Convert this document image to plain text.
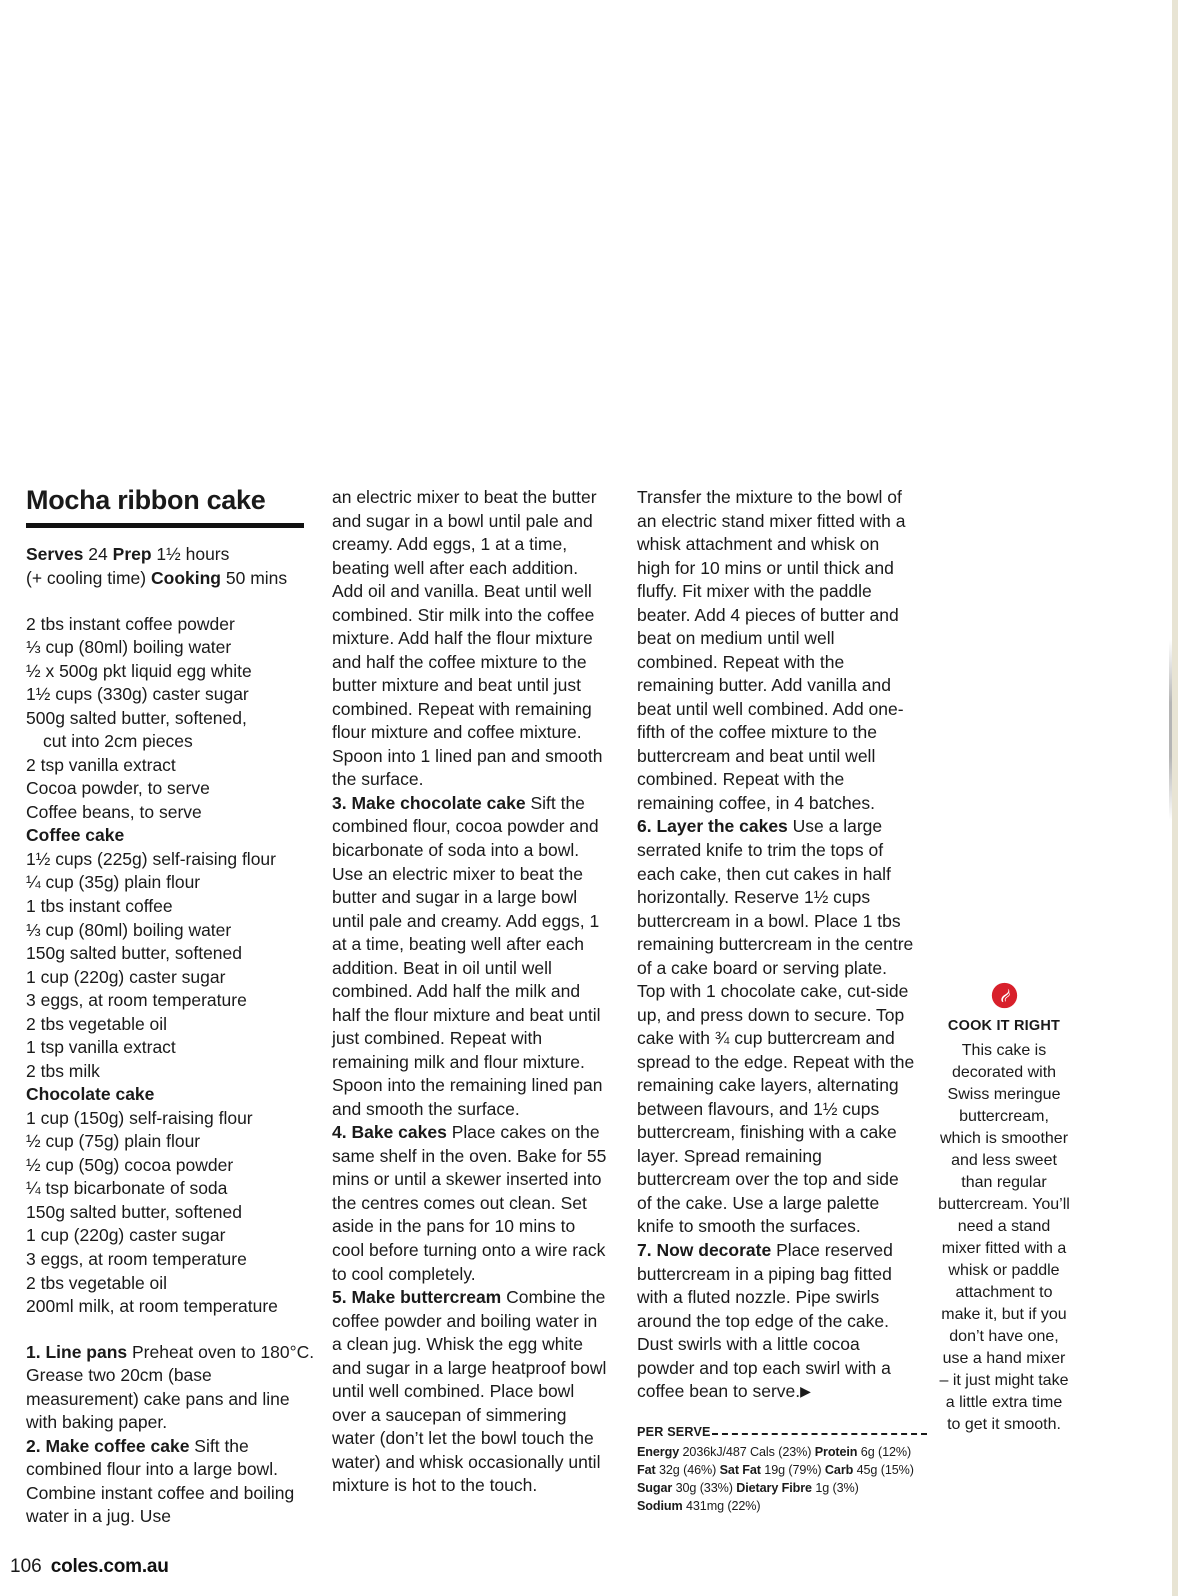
Mocha ribbon cake
Serves 24 Prep 1½ hours
(+ cooling time) Cooking 50 mins
2 tbs instant coffee powder
⅓ cup (80ml) boiling water
½ x 500g pkt liquid egg white
1½ cups (330g) caster sugar
500g salted butter, softened,
cut into 2cm pieces
2 tsp vanilla extract
Cocoa powder, to serve
Coffee beans, to serve
Coffee cake
1½ cups (225g) self-raising flour
¼ cup (35g) plain flour
1 tbs instant coffee
⅓ cup (80ml) boiling water
150g salted butter, softened
1 cup (220g) caster sugar
3 eggs, at room temperature
2 tbs vegetable oil
1 tsp vanilla extract
2 tbs milk
Chocolate cake
1 cup (150g) self-raising flour
½ cup (75g) plain flour
½ cup (50g) cocoa powder
¼ tsp bicarbonate of soda
150g salted butter, softened
1 cup (220g) caster sugar
3 eggs, at room temperature
2 tbs vegetable oil
200ml milk, at room temperature

1. Line pans Preheat oven to 180°C. Grease two 20cm (base measurement) cake pans and line with baking paper.

2. Make coffee cake Sift the combined flour into a large bowl. Combine instant coffee and boiling water in a jug. Use

an electric mixer to beat the butter and sugar in a bowl until pale and creamy. Add eggs, 1 at a time, beating well after each addition. Add oil and vanilla. Beat until well combined. Stir milk into the coffee mixture. Add half the flour mixture and half the coffee mixture to the butter mixture and beat until just combined. Repeat with remaining flour mixture and coffee mixture. Spoon into 1 lined pan and smooth the surface.

3. Make chocolate cake Sift the combined flour, cocoa powder and bicarbonate of soda into a bowl. Use an electric mixer to beat the butter and sugar in a large bowl until pale and creamy. Add eggs, 1 at a time, beating well after each addition. Beat in oil until well combined. Add half the milk and half the flour mixture and beat until just combined. Repeat with remaining milk and flour mixture. Spoon into the remaining lined pan and smooth the surface.

4. Bake cakes Place cakes on the same shelf in the oven. Bake for 55 mins or until a skewer inserted into the centres comes out clean. Set aside in the pans for 10 mins to cool before turning onto a wire rack to cool completely.

5. Make buttercream Combine the coffee powder and boiling water in a clean jug. Whisk the egg white and sugar in a large heatproof bowl until well combined. Place bowl over a saucepan of simmering water (don’t let the bowl touch the water) and whisk occasionally until mixture is hot to the touch.

Transfer the mixture to the bowl of an electric stand mixer fitted with a whisk attachment and whisk on high for 10 mins or until thick and fluffy. Fit mixer with the paddle beater. Add 4 pieces of butter and beat on medium until well combined. Repeat with the remaining butter. Add vanilla and beat until well combined. Add one-fifth of the coffee mixture to the buttercream and beat until well combined. Repeat with the remaining coffee, in 4 batches.

6. Layer the cakes Use a large serrated knife to trim the tops of each cake, then cut cakes in half horizontally. Reserve 1½ cups buttercream in a bowl. Place 1 tbs remaining buttercream in the centre of a cake board or serving plate. Top with 1 chocolate cake, cut-side up, and press down to secure. Top cake with ¾ cup buttercream and spread to the edge. Repeat with the remaining cake layers, alternating between flavours, and 1½ cups buttercream, finishing with a cake layer. Spread remaining buttercream over the top and side of the cake. Use a large palette knife to smooth the surfaces.

7. Now decorate Place reserved buttercream in a piping bag fitted with a fluted nozzle. Pipe swirls around the top edge of the cake. Dust swirls with a little cocoa powder and top each swirl with a coffee bean to serve.▶

PER SERVE
Energy 2036kJ/487 Cals (23%) Protein 6g (12%)
Fat 32g (46%) Sat Fat 19g (79%) Carb 45g (15%)
Sugar 30g (33%) Dietary Fibre 1g (3%)
Sodium 431mg (22%)
COOK IT RIGHT
This cake is decorated with Swiss meringue buttercream, which is smoother and less sweet than regular buttercream. You’ll need a stand mixer fitted with a whisk or paddle attachment to make it, but if you don’t have one, use a hand mixer – it just might take a little extra time to get it smooth.
106 coles.com.au
